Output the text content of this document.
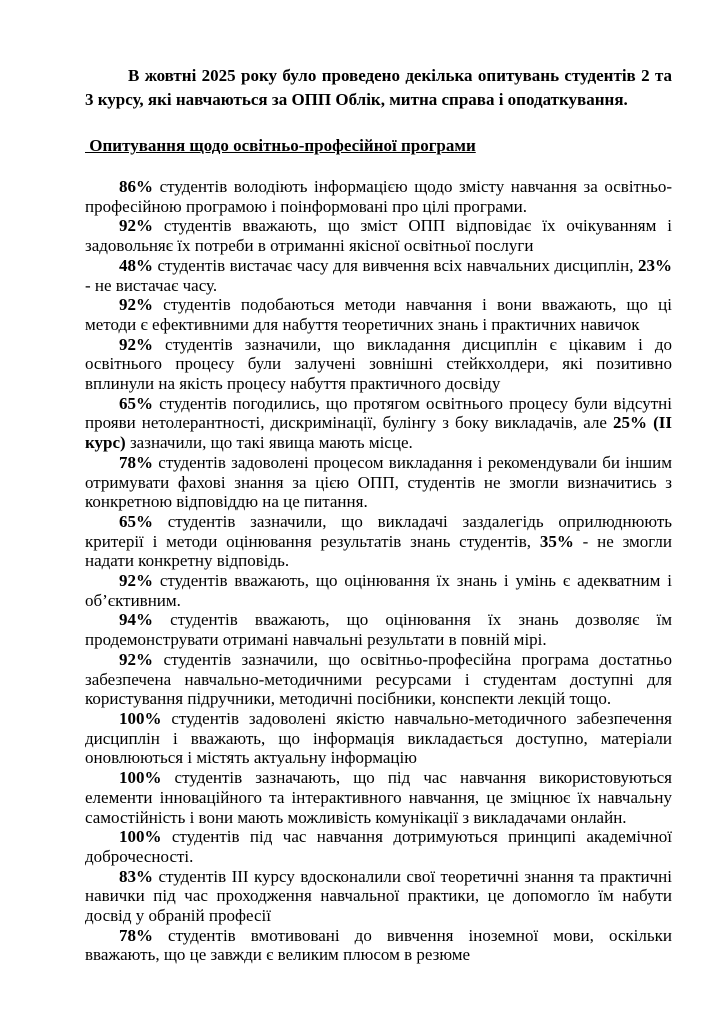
В жовтні 2025 року було проведено декілька опитувань студентів 2 та 3 курсу, які навчаються за ОПП Облік, митна справа і оподаткування.

Опитування щодо освітньо-професійної програми

86% студентів володіють інформацією щодо змісту навчання за освітньо-професійною програмою і поінформовані про цілі програми.

92% студентів вважають, що зміст ОПП відповідає їх очікуванням і задовольняє їх потреби в отриманні якісної освітньої послуги

48% студентів вистачає часу для вивчення всіх навчальних дисциплін, 23% - не вистачає часу.

92% студентів подобаються методи навчання і вони вважають, що ці методи є ефективними для набуття теоретичних знань і практичних навичок

92% студентів зазначили, що викладання дисциплін є цікавим і до освітнього процесу були залучені зовнішні стейкхолдери, які позитивно вплинули на якість процесу набуття практичного досвіду

65% студентів погодились, що протягом освітнього процесу були відсутні прояви нетолерантності, дискримінації, булінгу з боку викладачів, але 25% (ІІ курс) зазначили, що такі явища мають місце.

78% студентів задоволені процесом викладання і рекомендували би іншим отримувати фахові знання за цією ОПП, студентів не змогли визначитись з конкретною відповіддю на це питання.

65% студентів зазначили, що викладачі заздалегідь оприлюднюють критерії і методи оцінювання результатів знань студентів, 35% - не змогли надати конкретну відповідь.

92% студентів вважають, що оцінювання їх знань і умінь є адекватним і об’єктивним.

94% студентів вважають, що оцінювання їх знань дозволяє їм продемонструвати отримані навчальні результати в повній мірі.

92% студентів зазначили, що освітньо-професійна програма достатньо забезпечена навчально-методичними ресурсами і студентам доступні для користування підручники, методичні посібники, конспекти лекцій тощо.

100% студентів задоволені якістю навчально-методичного забезпечення дисциплін і вважають, що інформація викладається доступно, матеріали оновлюються і містять актуальну інформацію

100% студентів зазначають, що під час навчання використовуються елементи інноваційного та інтерактивного навчання, це зміцнює їх навчальну самостійність і вони мають можливість комунікації з викладачами онлайн.

100% студентів під час навчання дотримуються принципі академічної доброчесності.

83% студентів ІІІ курсу вдосконалили свої теоретичні знання та практичні навички під час проходження навчальної практики, це допомогло їм набути досвід у обраній професії

78% студентів вмотивовані до вивчення іноземної мови, оскільки вважають, що це завжди є великим плюсом в резюме
